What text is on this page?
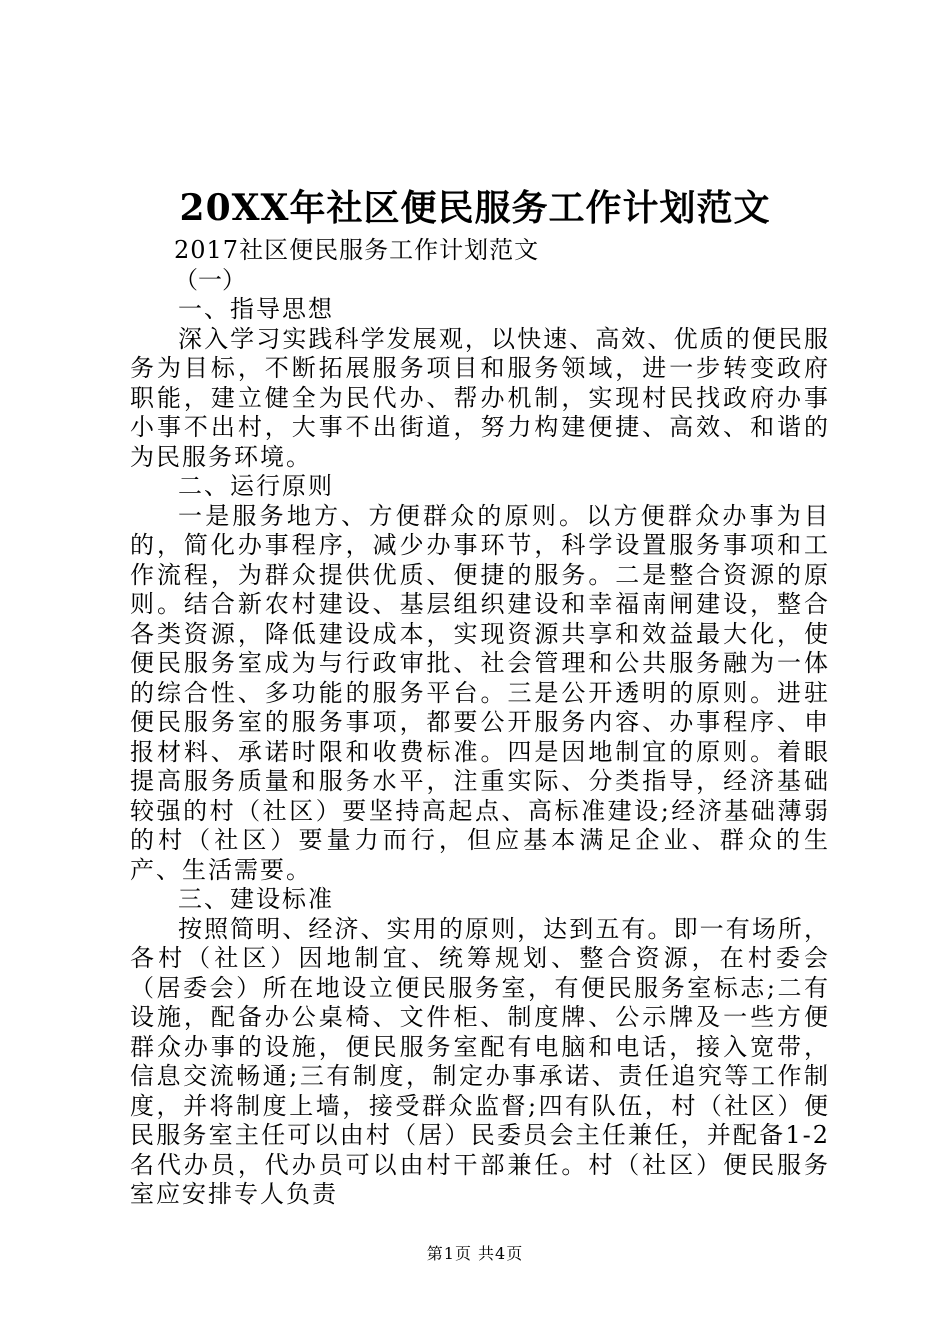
20XX年社区便民服务工作计划范文

2017社区便民服务工作计划范文

（一）

一、指导思想

深入学习实践科学发展观，以快速、高效、优质的便民服务为目标，不断拓展服务项目和服务领域，进一步转变政府职能，建立健全为民代办、帮办机制，实现村民找政府办事小事不出村，大事不出街道，努力构建便捷、高效、和谐的为民服务环境。

二、运行原则

一是服务地方、方便群众的原则。以方便群众办事为目的，简化办事程序，减少办事环节，科学设置服务事项和工作流程，为群众提供优质、便捷的服务。二是整合资源的原则。结合新农村建设、基层组织建设和幸福南闸建设，整合各类资源，降低建设成本，实现资源共享和效益最大化，使便民服务室成为与行政审批、社会管理和公共服务融为一体的综合性、多功能的服务平台。三是公开透明的原则。进驻便民服务室的服务事项，都要公开服务内容、办事程序、申报材料、承诺时限和收费标准。四是因地制宜的原则。着眼提高服务质量和服务水平，注重实际、分类指导，经济基础较强的村（社区）要坚持高起点、高标准建设;经济基础薄弱的村（社区）要量力而行，但应基本满足企业、群众的生产、生活需要。

三、建设标准

按照简明、经济、实用的原则，达到五有。即一有场所，各村（社区）因地制宜、统筹规划、整合资源，在村委会（居委会）所在地设立便民服务室，有便民服务室标志;二有设施，配备办公桌椅、文件柜、制度牌、公示牌及一些方便群众办事的设施，便民服务室配有电脑和电话，接入宽带，信息交流畅通;三有制度，制定办事承诺、责任追究等工作制度，并将制度上墙，接受群众监督;四有队伍，村（社区）便民服务室主任可以由村（居）民委员会主任兼任，并配备1-2名代办员，代办员可以由村干部兼任。村（社区）便民服务室应安排专人负责

第1页 共4页
